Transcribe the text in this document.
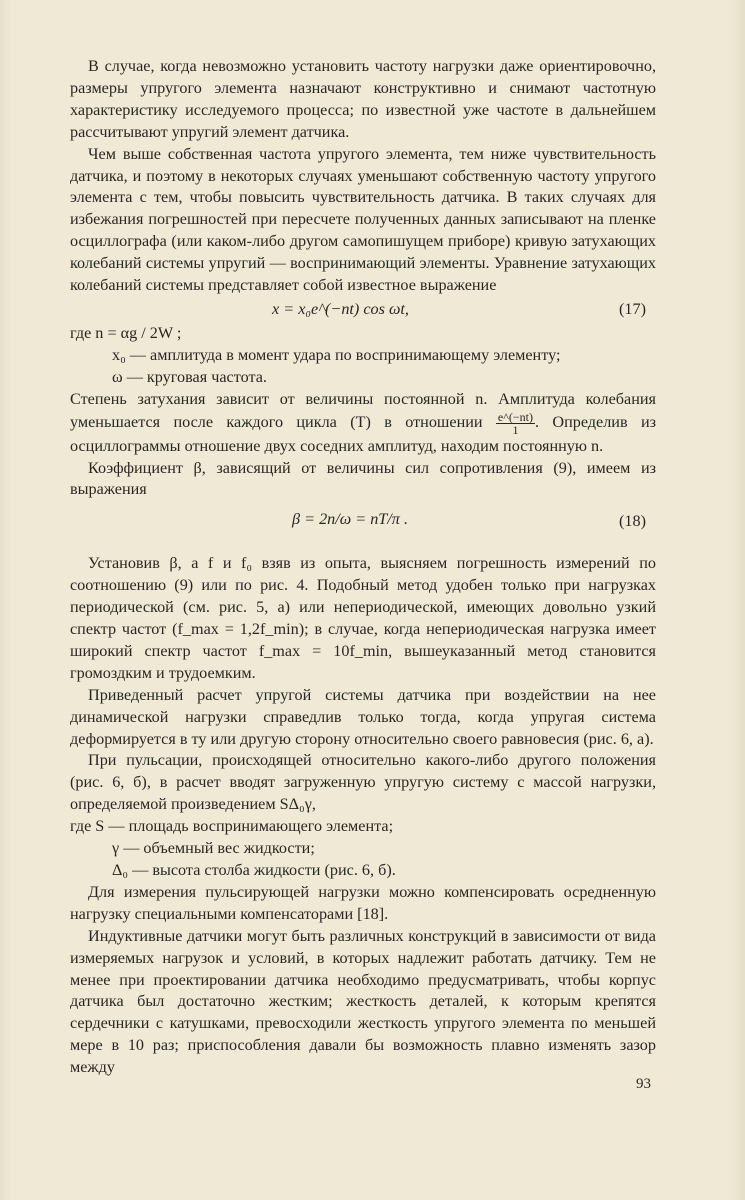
В случае, когда невозможно установить частоту нагрузки даже ориентировочно, размеры упругого элемента назначают конструктивно и снимают частотную характеристику исследуемого процесса; по известной уже частоте в дальнейшем рассчитывают упругий элемент датчика.

Чем выше собственная частота упругого элемента, тем ниже чувствительность датчика, и поэтому в некоторых случаях уменьшают собственную частоту упругого элемента с тем, чтобы повысить чувствительность датчика. В таких случаях для избежания погрешностей при пересчете полученных данных записывают на пленке осциллографа (или каком-либо другом самопишущем приборе) кривую затухающих колебаний системы упругий — воспринимающий элементы. Уравнение затухающих колебаний системы представляет собой известное выражение

x = x₀e^(−nt) cos ωt,	(17)

где n = αg / 2W ;

x₀ — амплитуда в момент удара по воспринимающему элементу;

ω — круговая частота.

Степень затухания зависит от величины постоянной n. Амплитуда колебания уменьшается после каждого цикла (T) в отношении $\frac{e\^{}(-nt)}{1}$ . Определив из осциллограммы отношение двух соседних амплитуд, находим постоянную n.

Коэффициент β, зависящий от величины сил сопротивления (9), имеем из выражения

β = 2n/ω = nT/π .	(18)

Установив β, а f и f₀ взяв из опыта, выясняем погрешность измерений по соотношению (9) или по рис. 4. Подобный метод удобен только при нагрузках периодической (см. рис. 5, а) или непериодической, имеющих довольно узкий спектр частот (f_max = 1,2f_min); в случае, когда непериодическая нагрузка имеет широкий спектр частот f_max = 10f_min, вышеуказанный метод становится громоздким и трудоемким.

Приведенный расчет упругой системы датчика при воздействии на нее динамической нагрузки справедлив только тогда, когда упругая система деформируется в ту или другую сторону относительно своего равновесия (рис. 6, а).

При пульсации, происходящей относительно какого-либо другого положения (рис. 6, б), в расчет вводят загруженную упругую систему с массой нагрузки, определяемой произведением SΔ₀γ,

где S — площадь воспринимающего элемента;

γ — объемный вес жидкости;

Δ₀ — высота столба жидкости (рис. 6, б).

Для измерения пульсирующей нагрузки можно компенсировать осредненную нагрузку специальными компенсаторами [18].

Индуктивные датчики могут быть различных конструкций в зависимости от вида измеряемых нагрузок и условий, в которых надлежит работать датчику. Тем не менее при проектировании датчика необходимо предусматривать, чтобы корпус датчика был достаточно жестким; жесткость деталей, к которым крепятся сердечники с катушками, превосходили жесткость упругого элемента по меньшей мере в 10 раз; приспособления давали бы возможность плавно изменять зазор между

93
